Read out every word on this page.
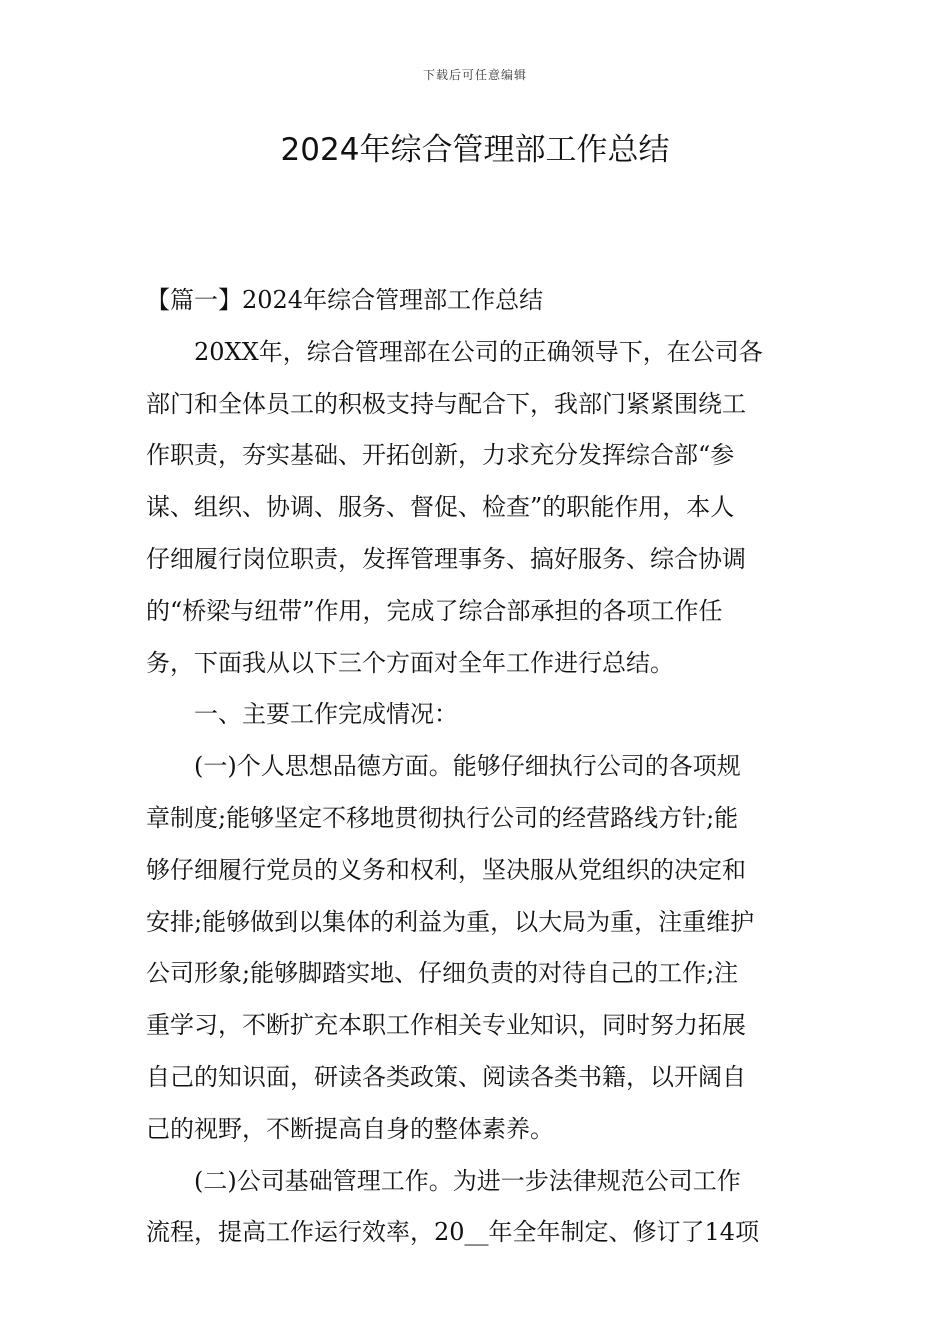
下载后可任意编辑
2024年综合管理部工作总结
【篇一】2024年综合管理部工作总结
20XX年，综合管理部在公司的正确领导下，在公司各
部门和全体员工的积极支持与配合下，我部门紧紧围绕工
作职责，夯实基础、开拓创新，力求充分发挥综合部“参
谋、组织、协调、服务、督促、检查”的职能作用，本人
仔细履行岗位职责，发挥管理事务、搞好服务、综合协调
的“桥梁与纽带”作用，完成了综合部承担的各项工作任
务，下面我从以下三个方面对全年工作进行总结。
一、主要工作完成情况：
(一)个人思想品德方面。能够仔细执行公司的各项规
章制度;能够坚定不移地贯彻执行公司的经营路线方针;能
够仔细履行党员的义务和权利，坚决服从党组织的决定和
安排;能够做到以集体的利益为重，以大局为重，注重维护
公司形象;能够脚踏实地、仔细负责的对待自己的工作;注
重学习，不断扩充本职工作相关专业知识，同时努力拓展
自己的知识面，研读各类政策、阅读各类书籍，以开阔自
己的视野，不断提高自身的整体素养。
(二)公司基础管理工作。为进一步法律规范公司工作
流程，提高工作运行效率，20__年全年制定、修订了14项
